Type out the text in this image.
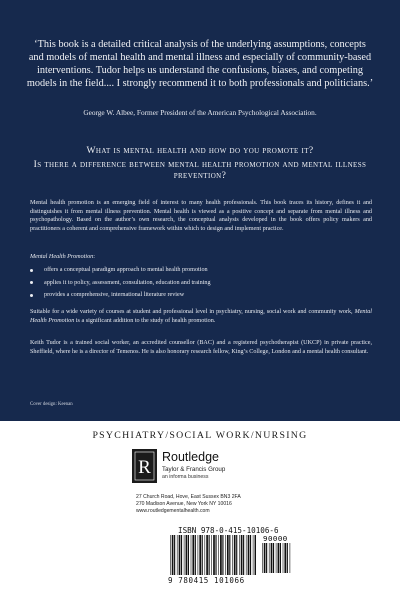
‘This book is a detailed critical analysis of the underlying assumptions, concepts and models of mental health and mental illness and especially of community-based interventions. Tudor helps us understand the confusions, biases, and competing models in the field.... I strongly recommend it to both professionals and politicians.’
George W. Albee, Former President of the American Psychological Association.
What is mental health and how do you promote it?
Is there a difference between mental health promotion and mental illness prevention?
Mental health promotion is an emerging field of interest to many health professionals. This book traces its history, defines it and distinguishes it from mental illness prevention. Mental health is viewed as a positive concept and separate from mental illness and psychopathology. Based on the author’s own research, the conceptual analysis developed in the book offers policy makers and practitioners a coherent and comprehensive framework within which to design and implement practice.
Mental Health Promotion:
offers a conceptual paradigm approach to mental health promotion
applies it to policy, assessment, consultation, education and training
provides a comprehensive, international literature review
Suitable for a wide variety of courses at student and professional level in psychiatry, nursing, social work and community work, Mental Health Promotion is a significant addition to the study of health promotion.
Keith Tudor is a trained social worker, an accredited counsellor (BAC) and a registered psychotherapist (UKCP) in private practice, Sheffield, where he is a director of Temenos. He is also honorary research fellow, King’s College, London and a mental health consultant.
Cover design: Keenan
PSYCHIATRY/SOCIAL WORK/NURSING
R Routledge
Taylor & Francis Group
an informa business
27 Church Road, Hove, East Sussex BN3 2FA
270 Madison Avenue, New York NY 10016
www.routledgementalhealth.com
ISBN 978-0-415-10106-6
90000
9 780415 101066
